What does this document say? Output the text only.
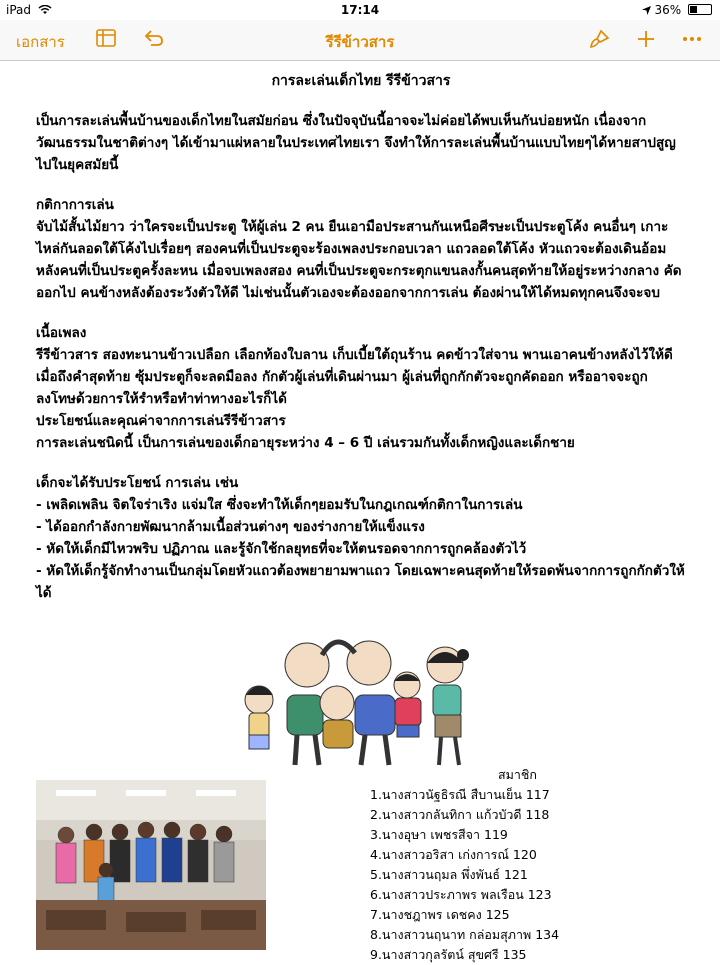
iPad	17:14	36%
เอกสาร	รีรีข้าวสาร
การละเล่นเด็กไทย รีรีข้าวสาร

เป็นการละเล่นพื้นบ้านของเด็กไทยในสมัยก่อน ซึ่งในปัจจุบันนี้อาจจะไม่ค่อยได้พบเห็นกันบ่อยหนัก เนื่องจากวัฒนธรรมในชาติต่างๆ ได้เข้ามาแผ่หลายในประเทศไทยเรา จึงทำให้การละเล่นพื้นบ้านแบบไทยๆได้หายสาปสูญไปในยุคสมัยนี้

กติกาการเล่น

จับไม้สั้นไม้ยาว ว่าใครจะเป็นประตู ให้ผู้เล่น 2 คน ยืนเอามือประสานกันเหนือศีรษะเป็นประตูโค้ง คนอื่นๆ เกาะไหล่กันลอดใต้โค้งไปเรื่อยๆ สองคนที่เป็นประตูจะร้องเพลงประกอบเวลา แถวลอดใต้โค้ง หัวแถวจะต้องเดินอ้อมหลังคนที่เป็นประตูครั้งละหน เมื่อจบเพลงสอง คนที่เป็นประตูจะกระตุกแขนลงกั้นคนสุดท้ายให้อยู่ระหว่างกลาง คัดออกไป คนข้างหลังต้องระวังตัวให้ดี ไม่เช่นนั้นตัวเองจะต้องออกจากการเล่น ต้องผ่านให้ได้หมดทุกคนจึงจะจบ

เนื้อเพลง

รีรีข้าวสาร สองทะนานข้าวเปลือก เลือกท้องใบลาน เก็บเบี้ยใต้ถุนร้าน คดข้าวใส่จาน พานเอาคนข้างหลังไว้ให้ดี

เมื่อถึงคำสุดท้าย ซุ้มประตูก็จะลดมือลง กักตัวผู้เล่นที่เดินผ่านมา ผู้เล่นที่ถูกกักตัวจะถูกคัดออก หรืออาจจะถูกลงโทษด้วยการให้รำหรือทำท่าทางอะไรก็ได้

ประโยชน์และคุณค่าจากการเล่นรีรีข้าวสาร

การละเล่นชนิดนี้ เป็นการเล่นของเด็กอายุระหว่าง 4 – 6 ปี เล่นรวมกันทั้งเด็กหญิงและเด็กชาย

เด็กจะได้รับประโยชน์ การเล่น เช่น

- เพลิดเพลิน จิตใจร่าเริง แจ่มใส ซึ่งจะทำให้เด็กๆยอมรับในกฎเกณฑ์กติกาในการเล่น

- ได้ออกกำลังกายพัฒนากล้ามเนื้อส่วนต่างๆ ของร่างกายให้แข็งแรง

- หัดให้เด็กมีไหวพริบ ปฏิภาณ และรู้จักใช้กลยุทธที่จะให้ตนรอดจากการถูกคล้องตัวไว้

- หัดให้เด็กรู้จักทำงานเป็นกลุ่มโดยหัวแถวต้องพยายามพาแถว โดยเฉพาะคนสุดท้ายให้รอดพ้นจากการถูกกักตัวให้ได้

สมาชิก
1.นางสาวนัฐธิรณี สืบานเย็น 117
2.นางสาวกลันทิกา แก้วบัวดี 118
3.นางอุษา เพชรสีจา 119
4.นางสาวอริสา เก่งการณ์ 120
5.นางสาวนฤมล พึ่งพันธ์ 121
6.นางสาวประภาพร พลเรือน 123
7.นางชฎาพร เดชคง 125
8.นางสาวนฤนาท กล่อมสุภาพ 134
9.นางสาวกุลรัตน์ สุขศรี 135
